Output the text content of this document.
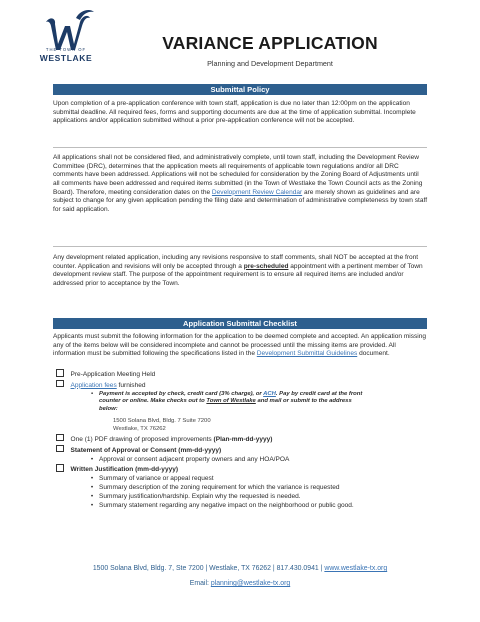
THE TOWN OF
WESTLAKE
VARIANCE APPLICATION
Planning and Development Department
Submittal Policy
Upon completion of a pre-application conference with town staff, application is due no later than 12:00pm on the application submittal deadline. All required fees, forms and supporting documents are due at the time of application submittal. Incomplete applications and/or application submitted without a prior pre-application conference will not be accepted.
All applications shall not be considered filed, and administratively complete, until town staff, including the Development Review Committee (DRC), determines that the application meets all requirements of applicable town regulations and/or all DRC comments have been addressed. Applications will not be scheduled for consideration by the Zoning Board of Adjustments until all comments have been addressed and required items submitted (in the Town of Westlake the Town Council acts as the Zoning Board). Therefore, meeting consideration dates on the Development Review Calendar are merely shown as guidelines and are subject to change for any given application pending the filing date and determination of administrative completeness by town staff for said application.
Any development related application, including any revisions responsive to staff comments, shall NOT be accepted at the front counter. Application and revisions will only be accepted through a pre-scheduled appointment with a pertinent member of Town development review staff. The purpose of the appointment requirement is to ensure all required items are included and/or addressed prior to acceptance by the Town.
Application Submittal Checklist
Applicants must submit the following information for the application to be deemed complete and accepted. An application missing any of the items below will be considered incomplete and cannot be processed until the missing items are provided. All information must be submitted following the specifications listed in the Development Submittal Guidelines document.
Pre-Application Meeting Held
Application fees furnished
• Payment is accepted by check, credit card (3% charge), or ACH. Pay by credit card at the front
counter or online. Make checks out to Town of Westlake and mail or submit to the address
below:
1500 Solana Blvd, Bldg. 7 Suite 7200
Westlake, TX 76262
One (1) PDF drawing of proposed improvements (Plan-mm-dd-yyyy)
Statement of Approval or Consent (mm-dd-yyyy)
• Approval or consent adjacent property owners and any HOA/POA
Written Justification (mm-dd-yyyy)
• Summary of variance or appeal request
• Summary description of the zoning requirement for which the variance is requested
• Summary justification/hardship. Explain why the requested is needed.
• Summary statement regarding any negative impact on the neighborhood or public good.
1500 Solana Blvd, Bldg. 7, Ste 7200 | Westlake, TX 76262 | 817.430.0941 | www.westlake-tx.org
Email: planning@westlake-tx.org
